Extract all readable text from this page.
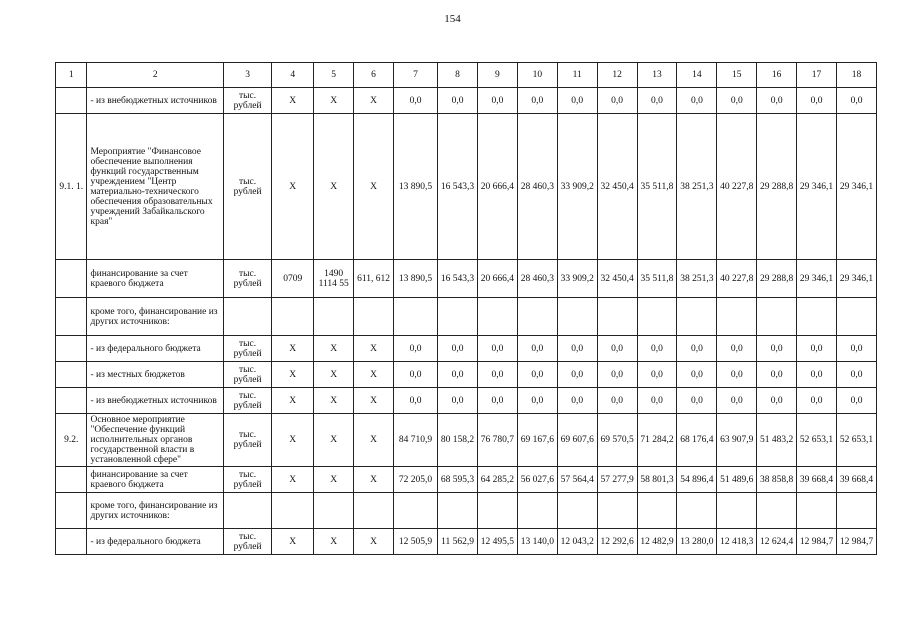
154
1	2	3	4	5	6	7	8	9	10	11	12	13	14	15	16	17	18
	- из внебюджетных источников	тыс. рублей	Х	Х	Х	0,0	0,0	0,0	0,0	0,0	0,0	0,0	0,0	0,0	0,0	0,0	0,0
9.1. 1.	Мероприятие "Финансовое обеспечение выполнения функций государственным учреждением "Центр материально-технического обеспечения образовательных учреждений Забайкальского края"	тыс. рублей	Х	Х	Х	13 890,5	16 543,3	20 666,4	28 460,3	33 909,2	32 450,4	35 511,8	38 251,3	40 227,8	29 288,8	29 346,1	29 346,1
	финансирование за счет краевого бюджета	тыс. рублей	0709	1490 1114 55	611, 612	13 890,5	16 543,3	20 666,4	28 460,3	33 909,2	32 450,4	35 511,8	38 251,3	40 227,8	29 288,8	29 346,1	29 346,1
	кроме того, финансирование из других источников:																
	- из федерального бюджета	тыс. рублей	Х	Х	Х	0,0	0,0	0,0	0,0	0,0	0,0	0,0	0,0	0,0	0,0	0,0	0,0
	- из местных бюджетов	тыс. рублей	Х	Х	Х	0,0	0,0	0,0	0,0	0,0	0,0	0,0	0,0	0,0	0,0	0,0	0,0
	- из внебюджетных источников	тыс. рублей	Х	Х	Х	0,0	0,0	0,0	0,0	0,0	0,0	0,0	0,0	0,0	0,0	0,0	0,0
9.2.	Основное мероприятие "Обеспечение функций исполнительных органов государственной власти в установленной сфере"	тыс. рублей	Х	Х	Х	84 710,9	80 158,2	76 780,7	69 167,6	69 607,6	69 570,5	71 284,2	68 176,4	63 907,9	51 483,2	52 653,1	52 653,1
	финансирование за счет краевого бюджета	тыс. рублей	Х	Х	Х	72 205,0	68 595,3	64 285,2	56 027,6	57 564,4	57 277,9	58 801,3	54 896,4	51 489,6	38 858,8	39 668,4	39 668,4
	кроме того, финансирование из других источников:																
	- из федерального бюджета	тыс. рублей	Х	Х	Х	12 505,9	11 562,9	12 495,5	13 140,0	12 043,2	12 292,6	12 482,9	13 280,0	12 418,3	12 624,4	12 984,7	12 984,7
